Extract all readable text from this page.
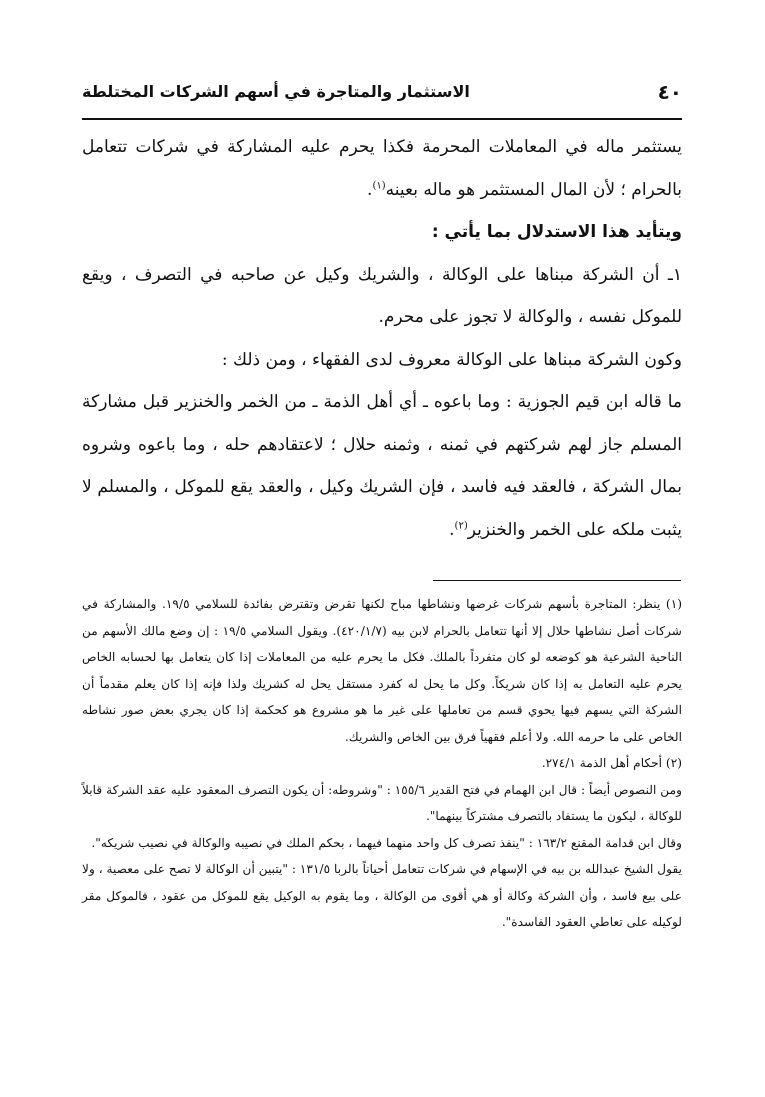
٤٠
الاستثمار والمتاجرة في أسهم الشركات المختلطة

يستثمر ماله في المعاملات المحرمة فكذا يحرم عليه المشاركة في شركات تتعامل بالحرام ؛ لأن المال المستثمر هو ماله بعينه$^{(١)}$.

ويتأيد هذا الاستدلال بما يأتي :

١ـ أن الشركة مبناها على الوكالة ، والشريك وكيل عن صاحبه في التصرف ، ويقع للموكل نفسه ، والوكالة لا تجوز على محرم.

وكون الشركة مبناها على الوكالة معروف لدى الفقهاء ، ومن ذلك :

ما قاله ابن قيم الجوزية : وما باعوه ـ أي أهل الذمة ـ من الخمر والخنزير قبل مشاركة المسلم جاز لهم شركتهم في ثمنه ، وثمنه حلال ؛ لاعتقادهم حله ، وما باعوه وشروه بمال الشركة ، فالعقد فيه فاسد ، فإن الشريك وكيل ، والعقد يقع للموكل ، والمسلم لا يثبت ملكه على الخمر والخنزير$^{(٢)}$.

(١) ينظر: المتاجرة بأسهم شركات غرضها ونشاطها مباح لكنها تقرض وتقترض بفائدة للسلامي ١٩/٥. والمشاركة في شركات أصل نشاطها حلال إلا أنها تتعامل بالحرام لابن بيه (٤٢٠/١/٧). ويقول السلامي ١٩/٥ : إن وضع مالك الأسهم من الناحية الشرعية هو كوضعه لو كان متفرداً بالملك. فكل ما يحرم عليه من المعاملات إذا كان يتعامل بها لحسابه الخاص يحرم عليه التعامل به إذا كان شريكاً. وكل ما يحل له كفرد مستقل يحل له كشريك ولذا فإنه إذا كان يعلم مقدماً أن الشركة التي يسهم فيها يحوي قسم من تعاملها على غير ما هو مشروع هو كحكمة إذا كان يجري بعض صور نشاطه الخاص على ما حرمه الله. ولا أعلم فقهياً فرق بين الخاص والشريك.

(٢) أحكام أهل الذمة ٢٧٤/١.

ومن النصوص أيضاً : قال ابن الهمام في فتح القدير ١٥٥/٦ : "وشروطه: أن يكون التصرف المعقود عليه عقد الشركة قابلاً للوكالة ، ليكون ما يستفاد بالتصرف مشتركاً بينهما".

وقال ابن قدامة المقنع ١٦٣/٢ : "ينفذ تصرف كل واحد منهما فيهما ، بحكم الملك في نصيبه والوكالة في نصيب شريكه".

يقول الشيخ عبدالله بن بيه في الإسهام في شركات تتعامل أحياناً بالربا ١٣١/٥ : "يتبين أن الوكالة لا تصح على معصية ، ولا على بيع فاسد ، وأن الشركة وكالة أو هي أقوى من الوكالة ، وما يقوم به الوكيل يقع للموكل من عقود ، فالموكل مقر لوكيله على تعاطي العقود الفاسدة".
